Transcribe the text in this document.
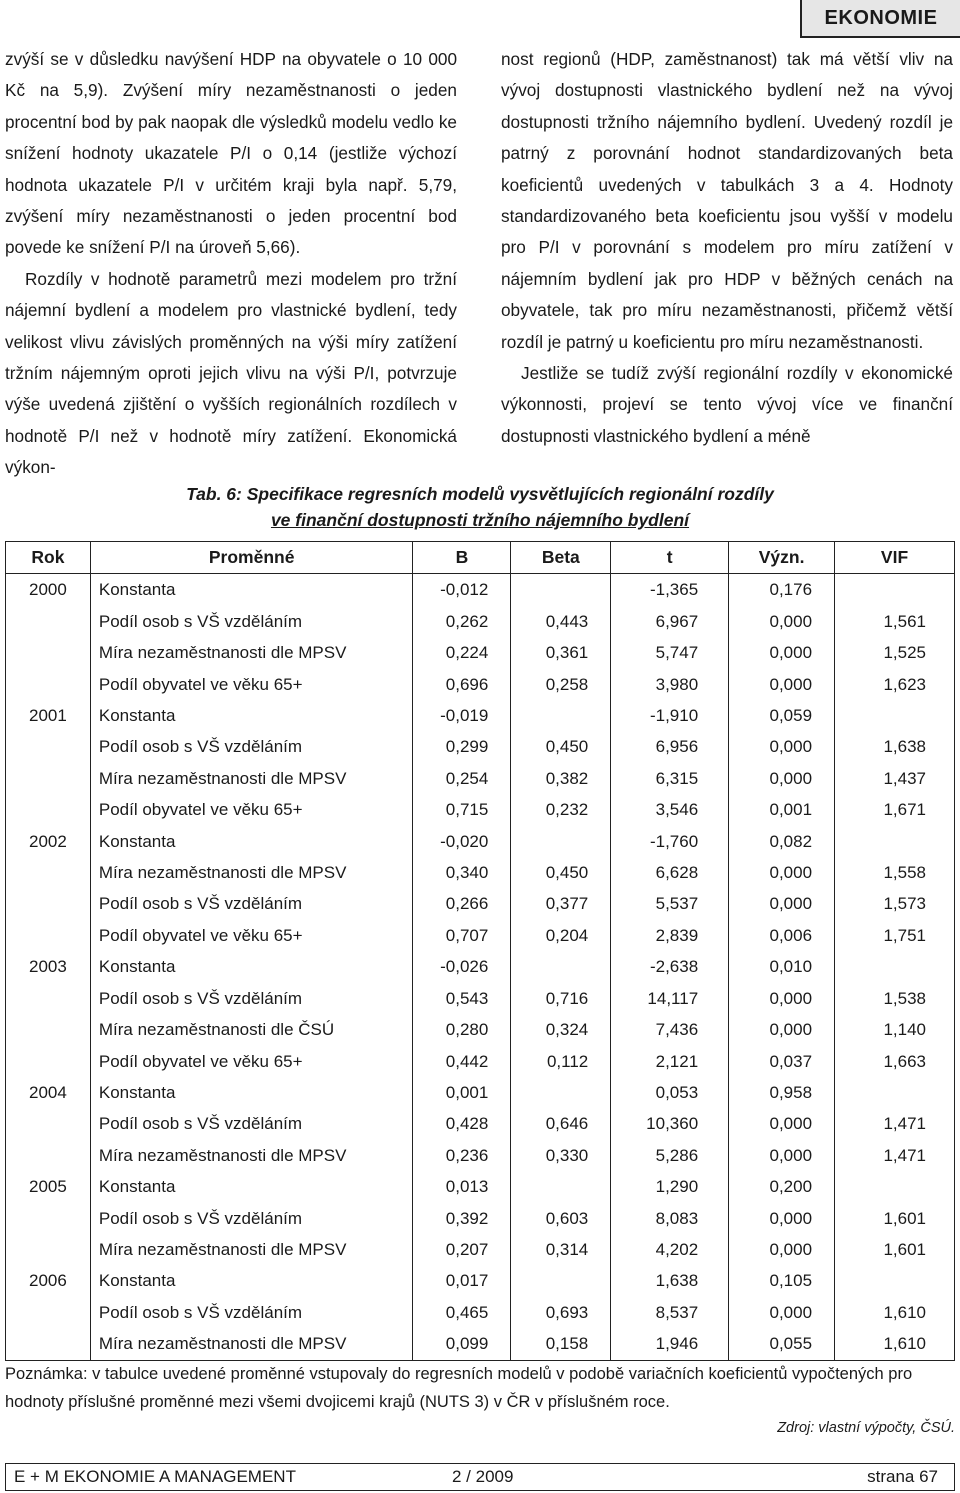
EKONOMIE

zvýší se v důsledku navýšení HDP na obyvatele o 10 000 Kč na 5,9). Zvýšení míry nezaměstnanosti o jeden procentní bod by pak naopak dle výsledků modelu vedlo ke snížení hodnoty ukazatele P/I o 0,14 (jestliže výchozí hodnota ukazatele P/I v určitém kraji byla např. 5,79, zvýšení míry nezaměstnanosti o jeden procentní bod povede ke snížení P/I na úroveň 5,66).

Rozdíly v hodnotě parametrů mezi modelem pro tržní nájemní bydlení a modelem pro vlastnické bydlení, tedy velikost vlivu závislých proměnných na výši míry zatížení tržním nájemným oproti jejich vlivu na výši P/I, potvrzuje výše uvedená zjištění o vyšších regionálních rozdílech v hodnotě P/I než v hodnotě míry zatížení. Ekonomická výkon-

nost regionů (HDP, zaměstnanost) tak má větší vliv na vývoj dostupnosti vlastnického bydlení než na vývoj dostupnosti tržního nájemního bydlení. Uvedený rozdíl je patrný z porovnání hodnot standardizovaných beta koeficientů uvedených v tabulkách 3 a 4. Hodnoty standardizovaného beta koeficientu jsou vyšší v modelu pro P/I v porovnání s modelem pro míru zatížení v nájemním bydlení jak pro HDP v běžných cenách na obyvatele, tak pro míru nezaměstnanosti, přičemž větší rozdíl je patrný u koeficientu pro míru nezaměstnanosti.

Jestliže se tudíž zvýší regionální rozdíly v ekonomické výkonnosti, projeví se tento vývoj více ve finanční dostupnosti vlastnického bydlení a méně

Tab. 6: Specifikace regresních modelů vysvětlujících regionální rozdíly
ve finanční dostupnosti tržního nájemního bydlení
Rok	Proměnné	B	Beta	t	Význ.	VIF
2000	Konstanta	-0,012		-1,365	0,176	
	Podíl osob s VŠ vzděláním	0,262	0,443	6,967	0,000	1,561
	Míra nezaměstnanosti dle MPSV	0,224	0,361	5,747	0,000	1,525
	Podíl obyvatel ve věku 65+	0,696	0,258	3,980	0,000	1,623
2001	Konstanta	-0,019		-1,910	0,059	
	Podíl osob s VŠ vzděláním	0,299	0,450	6,956	0,000	1,638
	Míra nezaměstnanosti dle MPSV	0,254	0,382	6,315	0,000	1,437
	Podíl obyvatel ve věku 65+	0,715	0,232	3,546	0,001	1,671
2002	Konstanta	-0,020		-1,760	0,082	
	Míra nezaměstnanosti dle MPSV	0,340	0,450	6,628	0,000	1,558
	Podíl osob s VŠ vzděláním	0,266	0,377	5,537	0,000	1,573
	Podíl obyvatel ve věku 65+	0,707	0,204	2,839	0,006	1,751
2003	Konstanta	-0,026		-2,638	0,010	
	Podíl osob s VŠ vzděláním	0,543	0,716	14,117	0,000	1,538
	Míra nezaměstnanosti dle ČSÚ	0,280	0,324	7,436	0,000	1,140
	Podíl obyvatel ve věku 65+	0,442	0,112	2,121	0,037	1,663
2004	Konstanta	0,001		0,053	0,958	
	Podíl osob s VŠ vzděláním	0,428	0,646	10,360	0,000	1,471
	Míra nezaměstnanosti dle MPSV	0,236	0,330	5,286	0,000	1,471
2005	Konstanta	0,013		1,290	0,200	
	Podíl osob s VŠ vzděláním	0,392	0,603	8,083	0,000	1,601
	Míra nezaměstnanosti dle MPSV	0,207	0,314	4,202	0,000	1,601
2006	Konstanta	0,017		1,638	0,105	
	Podíl osob s VŠ vzděláním	0,465	0,693	8,537	0,000	1,610
	Míra nezaměstnanosti dle MPSV	0,099	0,158	1,946	0,055	1,610
Poznámka: v tabulce uvedené proměnné vstupovaly do regresních modelů v podobě variačních koeficientů vypočtených pro hodnoty příslušné proměnné mezi všemi dvojicemi krajů (NUTS 3) v ČR v příslušném roce.
Zdroj: vlastní výpočty, ČSÚ.
E + M EKONOMIE A MANAGEMENT	2 / 2009	strana 67
